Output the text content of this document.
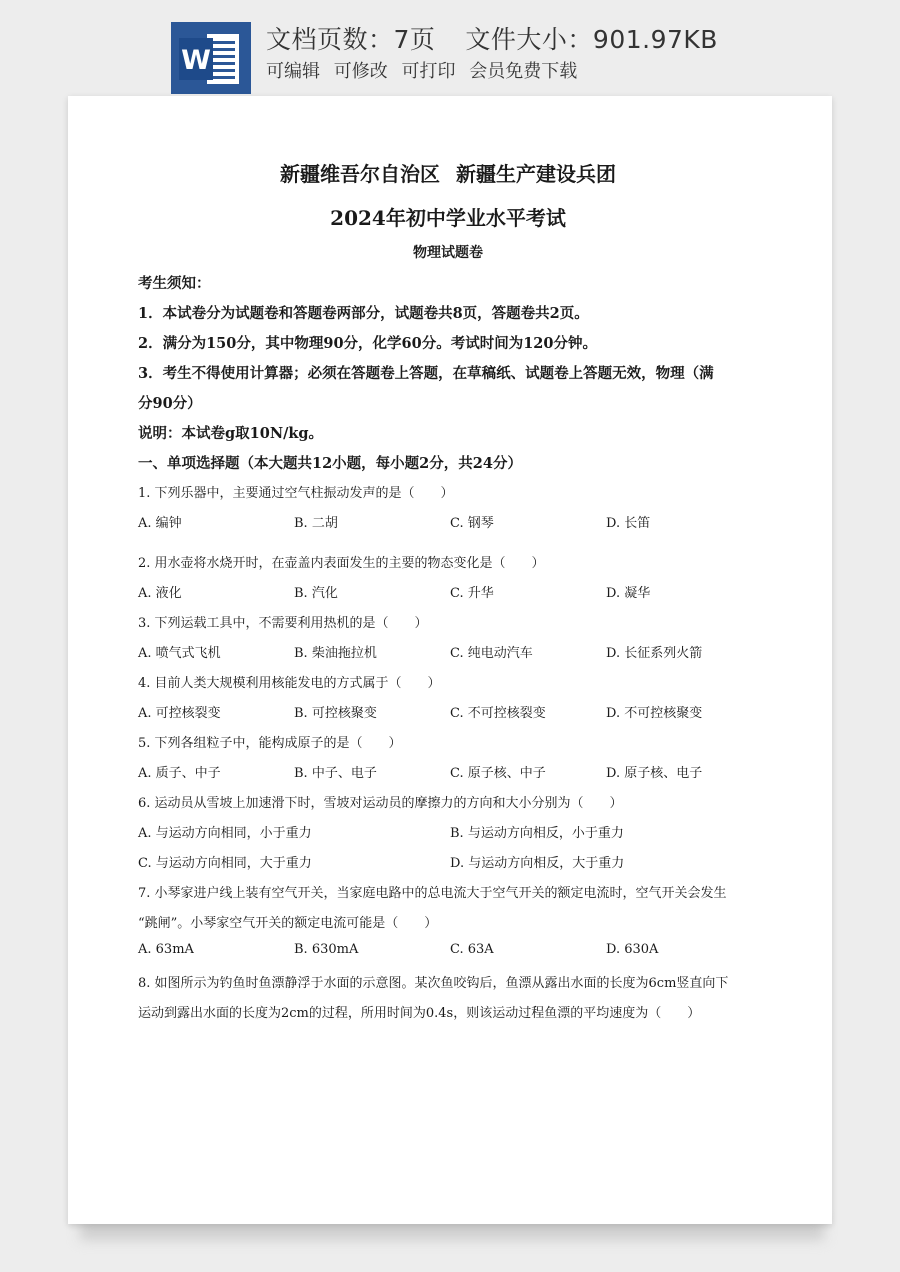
W
文档页数：7页 文件大小：901.97KB
可编辑 可修改 可打印 会员免费下载
新疆维吾尔自治区 新疆生产建设兵团
2024年初中学业水平考试
物理试题卷
考生须知：
1．本试卷分为试题卷和答题卷两部分，试题卷共8页，答题卷共2页。
2．满分为150分，其中物理90分，化学60分。考试时间为120分钟。
3．考生不得使用计算器；必须在答题卷上答题，在草稿纸、试题卷上答题无效，物理（满
分90分）
说明：本试卷g取10N/kg。
一、单项选择题（本大题共12小题，每小题2分，共24分）
1. 下列乐器中，主要通过空气柱振动发声的是（　　）
A. 编钟	B. 二胡	C. 钢琴	D. 长笛
2. 用水壶将水烧开时，在壶盖内表面发生的主要的物态变化是（　　）
A. 液化	B. 汽化	C. 升华	D. 凝华
3. 下列运载工具中，不需要利用热机的是（　　）
A. 喷气式飞机	B. 柴油拖拉机	C. 纯电动汽车	D. 长征系列火箭
4. 目前人类大规模利用核能发电的方式属于（　　）
A. 可控核裂变	B. 可控核聚变	C. 不可控核裂变	D. 不可控核聚变
5. 下列各组粒子中，能构成原子的是（　　）
A. 质子、中子	B. 中子、电子	C. 原子核、中子	D. 原子核、电子
6. 运动员从雪坡上加速滑下时，雪坡对运动员的摩擦力的方向和大小分别为（　　）
A. 与运动方向相同，小于重力	B. 与运动方向相反，小于重力
C. 与运动方向相同，大于重力	D. 与运动方向相反，大于重力
7. 小琴家进户线上装有空气开关，当家庭电路中的总电流大于空气开关的额定电流时，空气开关会发生
“跳闸”。小琴家空气开关的额定电流可能是（　　）
A. 63mA	B. 630mA	C. 63A	D. 630A
8. 如图所示为钓鱼时鱼漂静浮于水面的示意图。某次鱼咬钩后，鱼漂从露出水面的长度为6cm竖直向下
运动到露出水面的长度为2cm的过程，所用时间为0.4s，则该运动过程鱼漂的平均速度为（　　）
